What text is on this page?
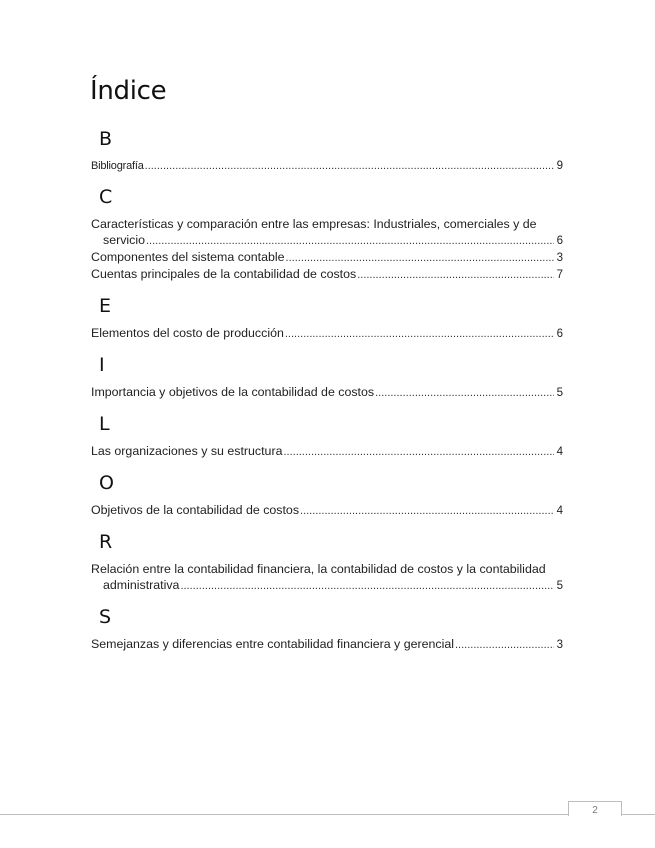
Índice
B
Bibliografía .....	9
C
Características y comparación entre las empresas: Industriales, comerciales y de
servicio .....	6
Componentes del sistema contable .....	3
Cuentas principales de la contabilidad de costos .....	7
E
Elementos del costo de producción .....	6
I
Importancia y objetivos de la contabilidad de costos .....	5
L
Las organizaciones y su estructura .....	4
O
Objetivos de la contabilidad de costos .....	4
R
Relación entre la contabilidad financiera, la contabilidad de costos y la contabilidad
administrativa .....	5
S
Semejanzas y diferencias entre contabilidad financiera y gerencial .....	3
2
